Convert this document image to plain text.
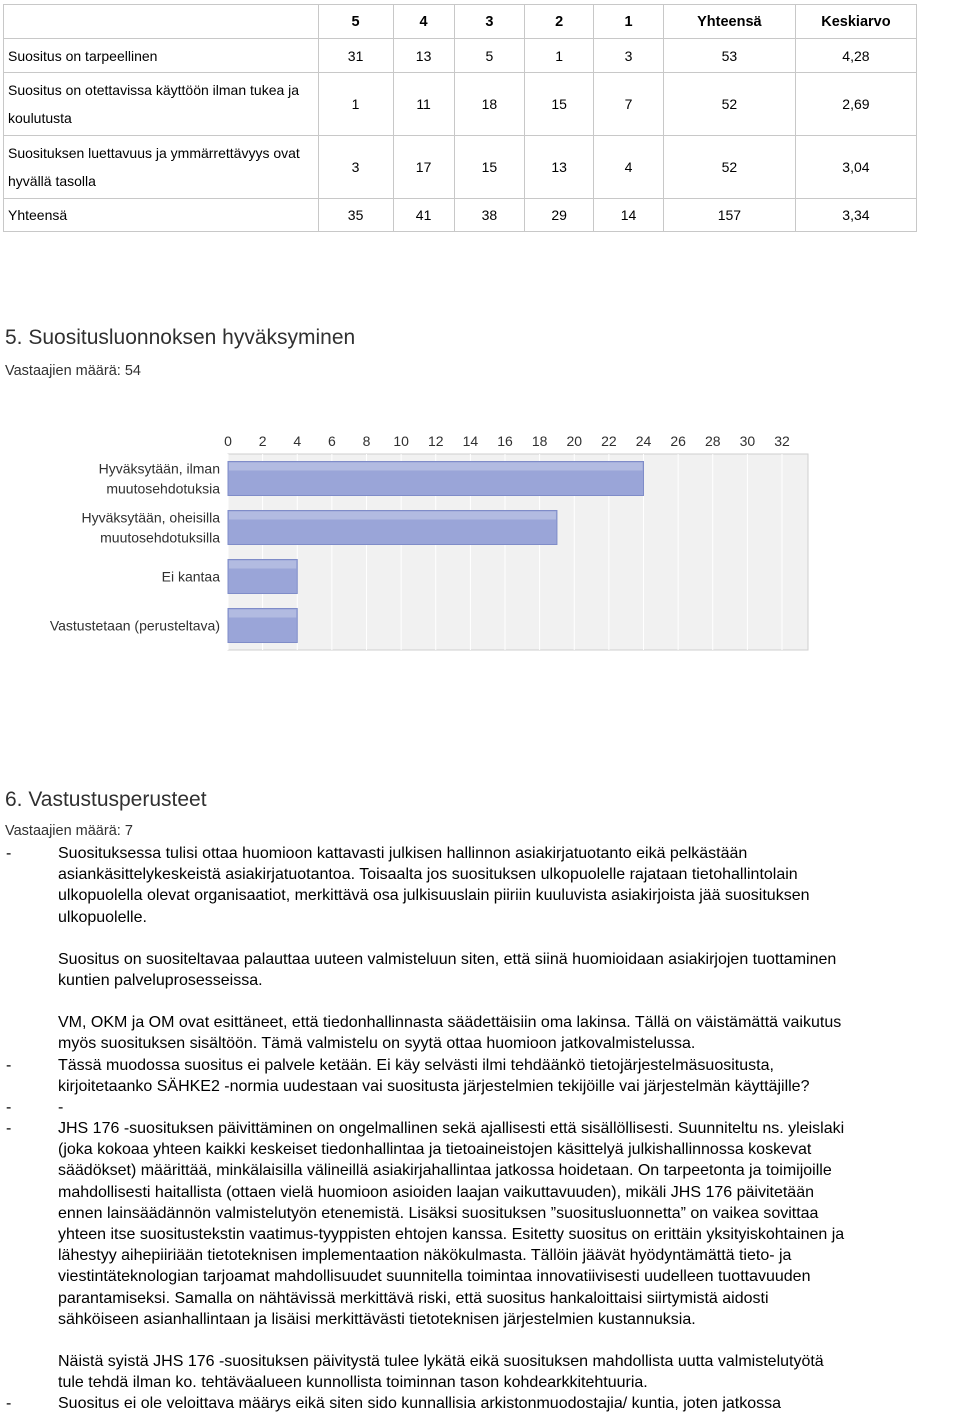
	5	4	3	2	1	Yhteensä	Keskiarvo

Suositus on tarpeellinen	31	13	5	1	3	53	4,28

Suositus on otettavissa käyttöön ilman tukea ja
koulutusta	1	11	18	15	7	52	2,69

Suosituksen luettavuus ja ymmärrettävyys ovat
hyvällä tasolla	3	17	15	13	4	52	3,04

Yhteensä	35	41	38	29	14	157	3,34
5. Suositusluonnoksen hyväksyminen
Vastaajien määrä: 54
0 2 4 6 8 10 12 14 16 18 20 22 24 26 28 30 32
Hyväksytään, ilman
muutosehdotuksia
Hyväksytään, oheisilla
muutosehdotuksilla
Ei kantaa
Vastustetaan (perusteltava)
6. Vastustusperusteet
Vastaajien määrä: 7
-	Suosituksessa tulisi ottaa huomioon kattavasti julkisen hallinnon asiakirjatuotanto eikä pelkästään
asiankäsittelykeskeistä asiakirjatuotantoa. Toisaalta jos suosituksen ulkopuolelle rajataan tietohallintolain
ulkopuolella olevat organisaatiot, merkittävä osa julkisuuslain piiriin kuuluvista asiakirjoista jää suosituksen
ulkopuolelle.
Suositus on suositeltavaa palauttaa uuteen valmisteluun siten, että siinä huomioidaan asiakirjojen tuottaminen
kuntien palveluprosesseissa.
VM, OKM ja OM ovat esittäneet, että tiedonhallinnasta säädettäisiin oma lakinsa. Tällä on väistämättä vaikutus
myös suosituksen sisältöön. Tämä valmistelu on syytä ottaa huomioon jatkovalmistelussa.
-	Tässä muodossa suositus ei palvele ketään. Ei käy selvästi ilmi tehdäänkö tietojärjestelmäsuositusta,
kirjoitetaanko SÄHKE2 -normia uudestaan vai suositusta järjestelmien tekijöille vai järjestelmän käyttäjille?
-	-
-	JHS 176 -suosituksen päivittäminen on ongelmallinen sekä ajallisesti että sisällöllisesti. Suunniteltu ns. yleislaki
(joka kokoaa yhteen kaikki keskeiset tiedonhallintaa ja tietoaineistojen käsittelyä julkishallinnossa koskevat
säädökset) määrittää, minkälaisilla välineillä asiakirjahallintaa jatkossa hoidetaan. On tarpeetonta ja toimijoille
mahdollisesti haitallista (ottaen vielä huomioon asioiden laajan vaikuttavuuden), mikäli JHS 176 päivitetään
ennen lainsäädännön valmistelutyön etenemistä. Lisäksi suosituksen ”suositusluonnetta” on vaikea sovittaa
yhteen itse suositustekstin vaatimus-tyyppisten ehtojen kanssa. Esitetty suositus on erittäin yksityiskohtainen ja
lähestyy aihepiiriään tietoteknisen implementaation näkökulmasta. Tällöin jäävät hyödyntämättä tieto- ja
viestintäteknologian tarjoamat mahdollisuudet suunnitella toimintaa innovatiivisesti uudelleen tuottavuuden
parantamiseksi. Samalla on nähtävissä merkittävä riski, että suositus hankaloittaisi siirtymistä aidosti
sähköiseen asianhallintaan ja lisäisi merkittävästi tietoteknisen järjestelmien kustannuksia.
Näistä syistä JHS 176 -suosituksen päivitystä tulee lykätä eikä suosituksen mahdollista uutta valmistelutyötä
tule tehdä ilman ko. tehtäväalueen kunnollista toiminnan tason kohdearkkitehtuuria.
-	Suositus ei ole veloittava määrys eikä siten sido kunnallisia arkistonmuodostajia/ kuntia, joten jatkossa
